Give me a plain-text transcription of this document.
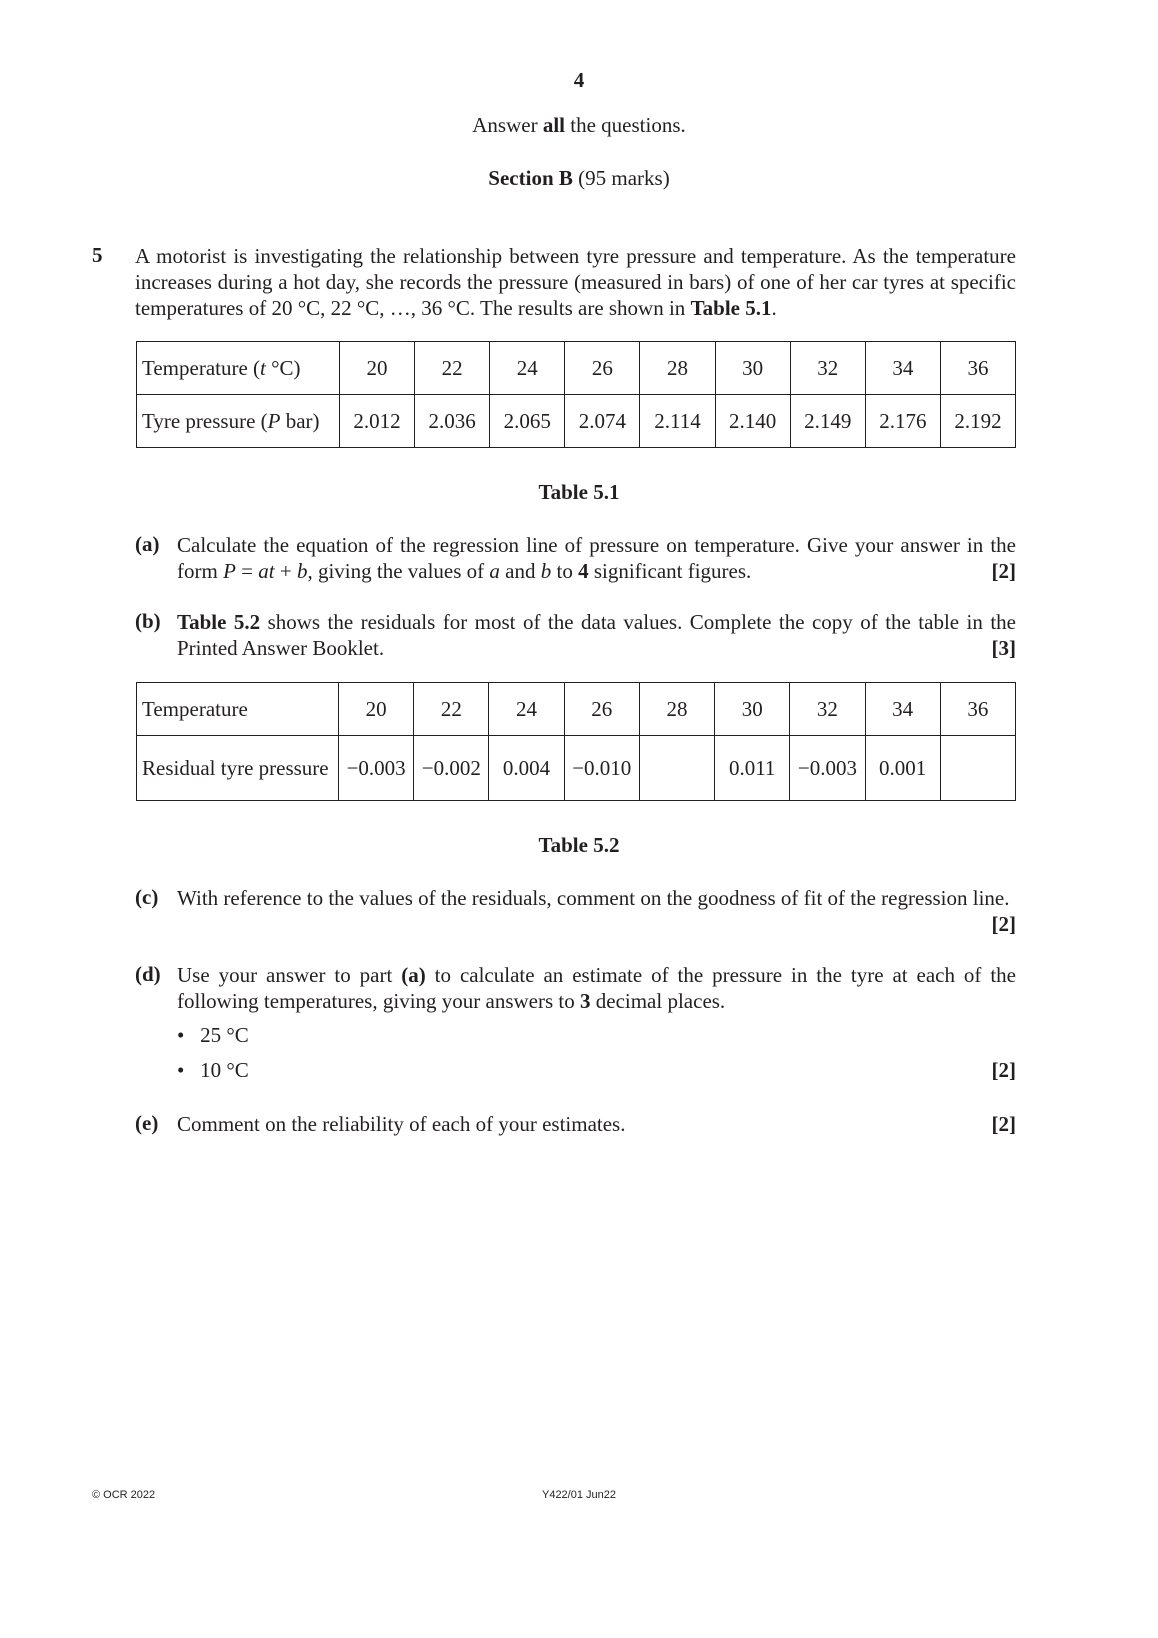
4
Answer all the questions.
Section B (95 marks)
5 A motorist is investigating the relationship between tyre pressure and temperature. As the temperature increases during a hot day, she records the pressure (measured in bars) of one of her car tyres at specific temperatures of 20 °C, 22 °C, …, 36 °C. The results are shown in Table 5.1.
Temperature (t °C)	20	22	24	26	28	30	32	34	36
Tyre pressure (P bar)	2.012	2.036	2.065	2.074	2.114	2.140	2.149	2.176	2.192
Table 5.1
(a) Calculate the equation of the regression line of pressure on temperature. Give your answer in the form P = at + b, giving the values of a and b to 4 significant figures.	[2]
(b) Table 5.2 shows the residuals for most of the data values. Complete the copy of the table in the Printed Answer Booklet.	[3]
Temperature	20	22	24	26	28	30	32	34	36
Residual tyre pressure	−0.003	−0.002	0.004	−0.010		0.011	−0.003	0.001	
Table 5.2
(c) With reference to the values of the residuals, comment on the goodness of fit of the regression line.
[2]
(d) Use your answer to part (a) to calculate an estimate of the pressure in the tyre at each of the following temperatures, giving your answers to 3 decimal places.
•   25 °C
•   10 °C	[2]
(e) Comment on the reliability of each of your estimates.	[2]
© OCR 2022	Y422/01 Jun22
